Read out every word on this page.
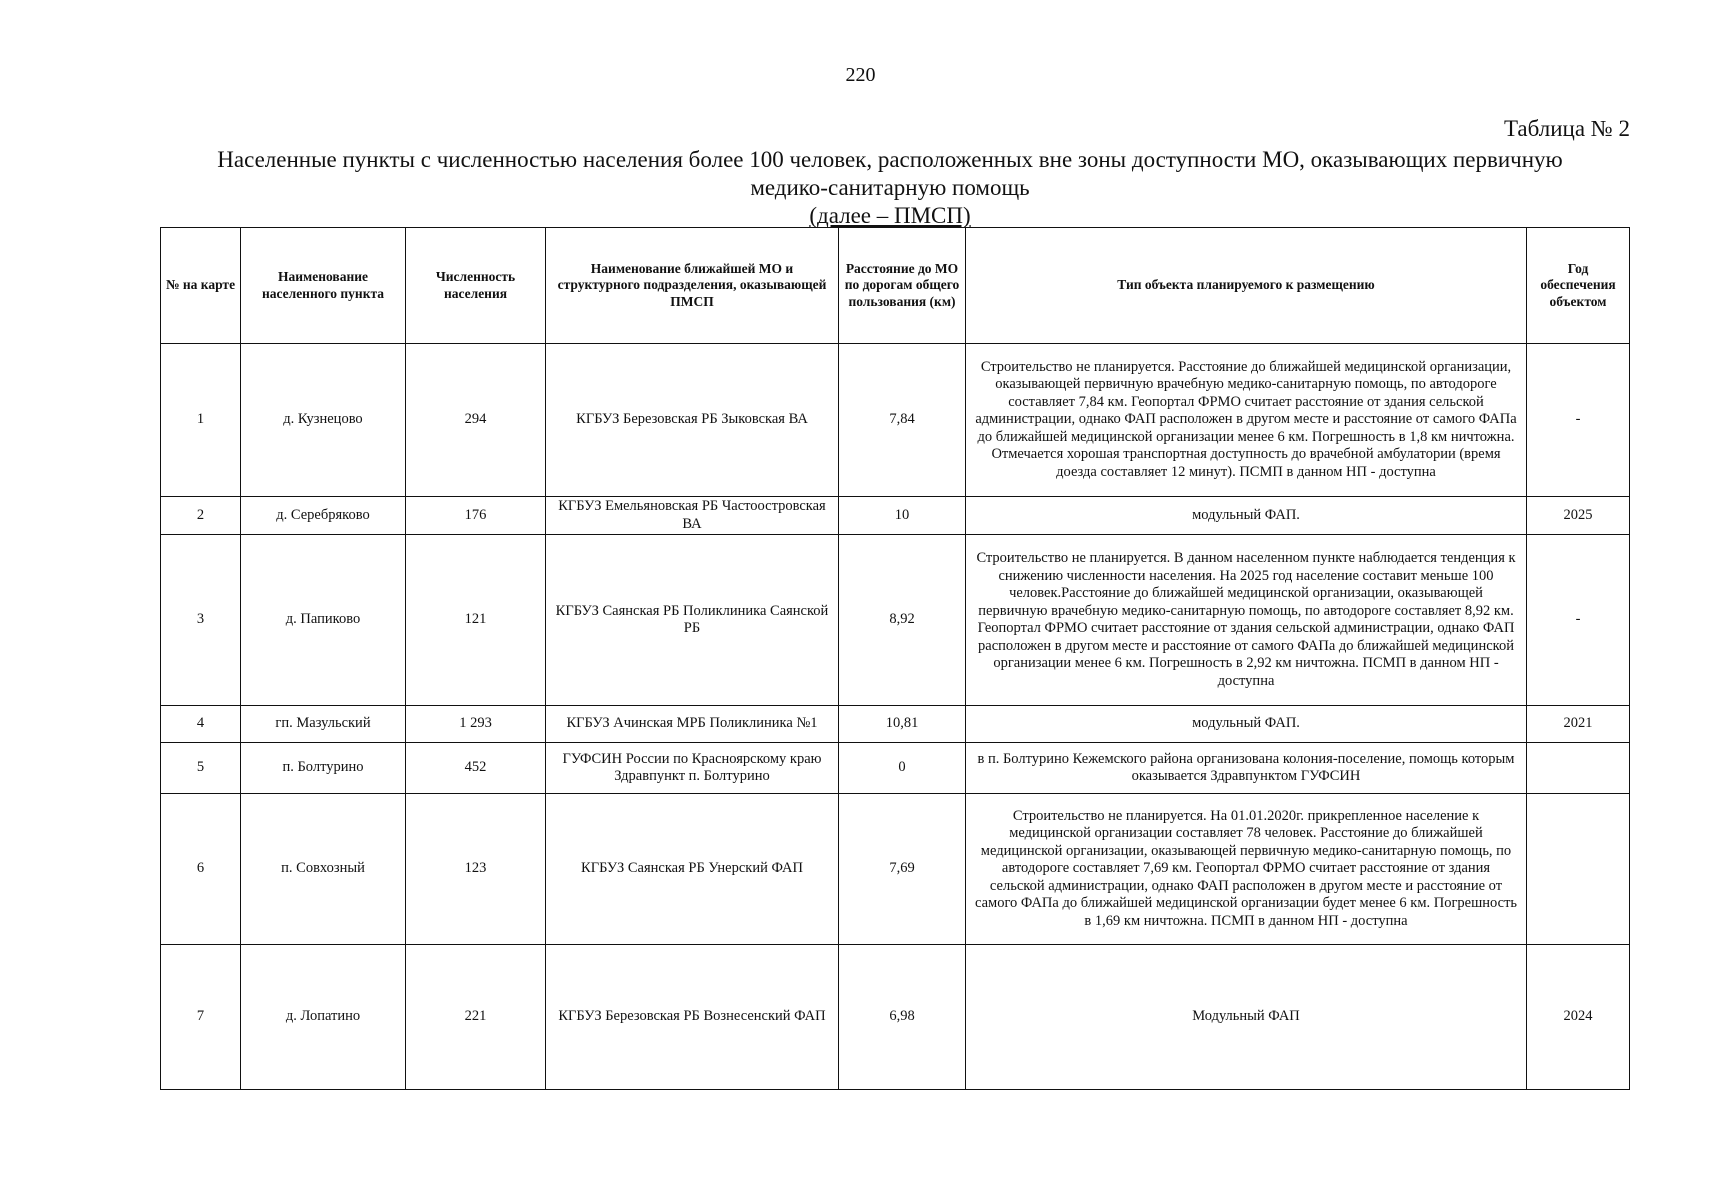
220
Таблица № 2
Населенные пункты с численностью населения более 100 человек, расположенных вне зоны доступности МО, оказывающих первичную
медико-санитарную помощь
(далее – ПМСП)
№ на карте	Наименование населенного пункта	Численность населения	Наименование ближайшей МО и структурного подразделения, оказывающей ПМСП	Расстояние до МО по дорогам общего пользования (км)	Тип объекта планируемого к размещению	Год обеспечения объектом
1	д. Кузнецово	294	КГБУЗ Березовская РБ Зыковская ВА	7,84	Строительство не планируется. Расстояние до ближайшей медицинской организации, оказывающей первичную врачебную медико-санитарную помощь, по автодороге составляет 7,84 км. Геопортал ФРМО считает расстояние от здания сельской администрации, однако ФАП расположен в другом месте и расстояние от самого ФАПа до ближайшей медицинской организации менее 6 км. Погрешность в 1,8 км ничтожна. Отмечается хорошая транспортная доступность до врачебной амбулатории (время доезда составляет 12 минут). ПСМП в данном НП - доступна	-
2	д. Серебряково	176	КГБУЗ Емельяновская РБ Частоостровская ВА	10	модульный ФАП.	2025
3	д. Папиково	121	КГБУЗ Саянская РБ Поликлиника Саянской РБ	8,92	Строительство не планируется. В данном населенном пункте наблюдается тенденция к снижению численности населения. На 2025 год население составит меньше 100 человек.Расстояние до ближайшей медицинской организации, оказывающей первичную врачебную медико-санитарную помощь, по автодороге составляет 8,92 км. Геопортал ФРМО считает расстояние от здания сельской администрации, однако ФАП расположен в другом месте и расстояние от самого ФАПа до ближайшей медицинской организации менее 6 км. Погрешность в 2,92 км ничтожна. ПСМП в данном НП - доступна	-
4	гп. Мазульский	1 293	КГБУЗ Ачинская МРБ Поликлиника №1	10,81	модульный ФАП.	2021
5	п. Болтурино	452	ГУФСИН России по Красноярскому краю Здравпункт п. Болтурино	0	в п. Болтурино Кежемского района организована колония-поселение, помощь которым оказывается Здравпунктом ГУФСИН	
6	п. Совхозный	123	КГБУЗ Саянская РБ Унерский ФАП	7,69	Строительство не планируется. На 01.01.2020г. прикрепленное население к медицинской организации составляет 78 человек. Расстояние до ближайшей медицинской организации, оказывающей первичную медико-санитарную помощь, по автодороге составляет 7,69 км. Геопортал ФРМО считает расстояние от здания сельской администрации, однако ФАП расположен в другом месте и расстояние от самого ФАПа до ближайшей медицинской организации будет менее 6 км. Погрешность в 1,69 км ничтожна. ПСМП в данном НП - доступна	
7	д. Лопатино	221	КГБУЗ Березовская РБ Вознесенский ФАП	6,98	Модульный ФАП	2024
